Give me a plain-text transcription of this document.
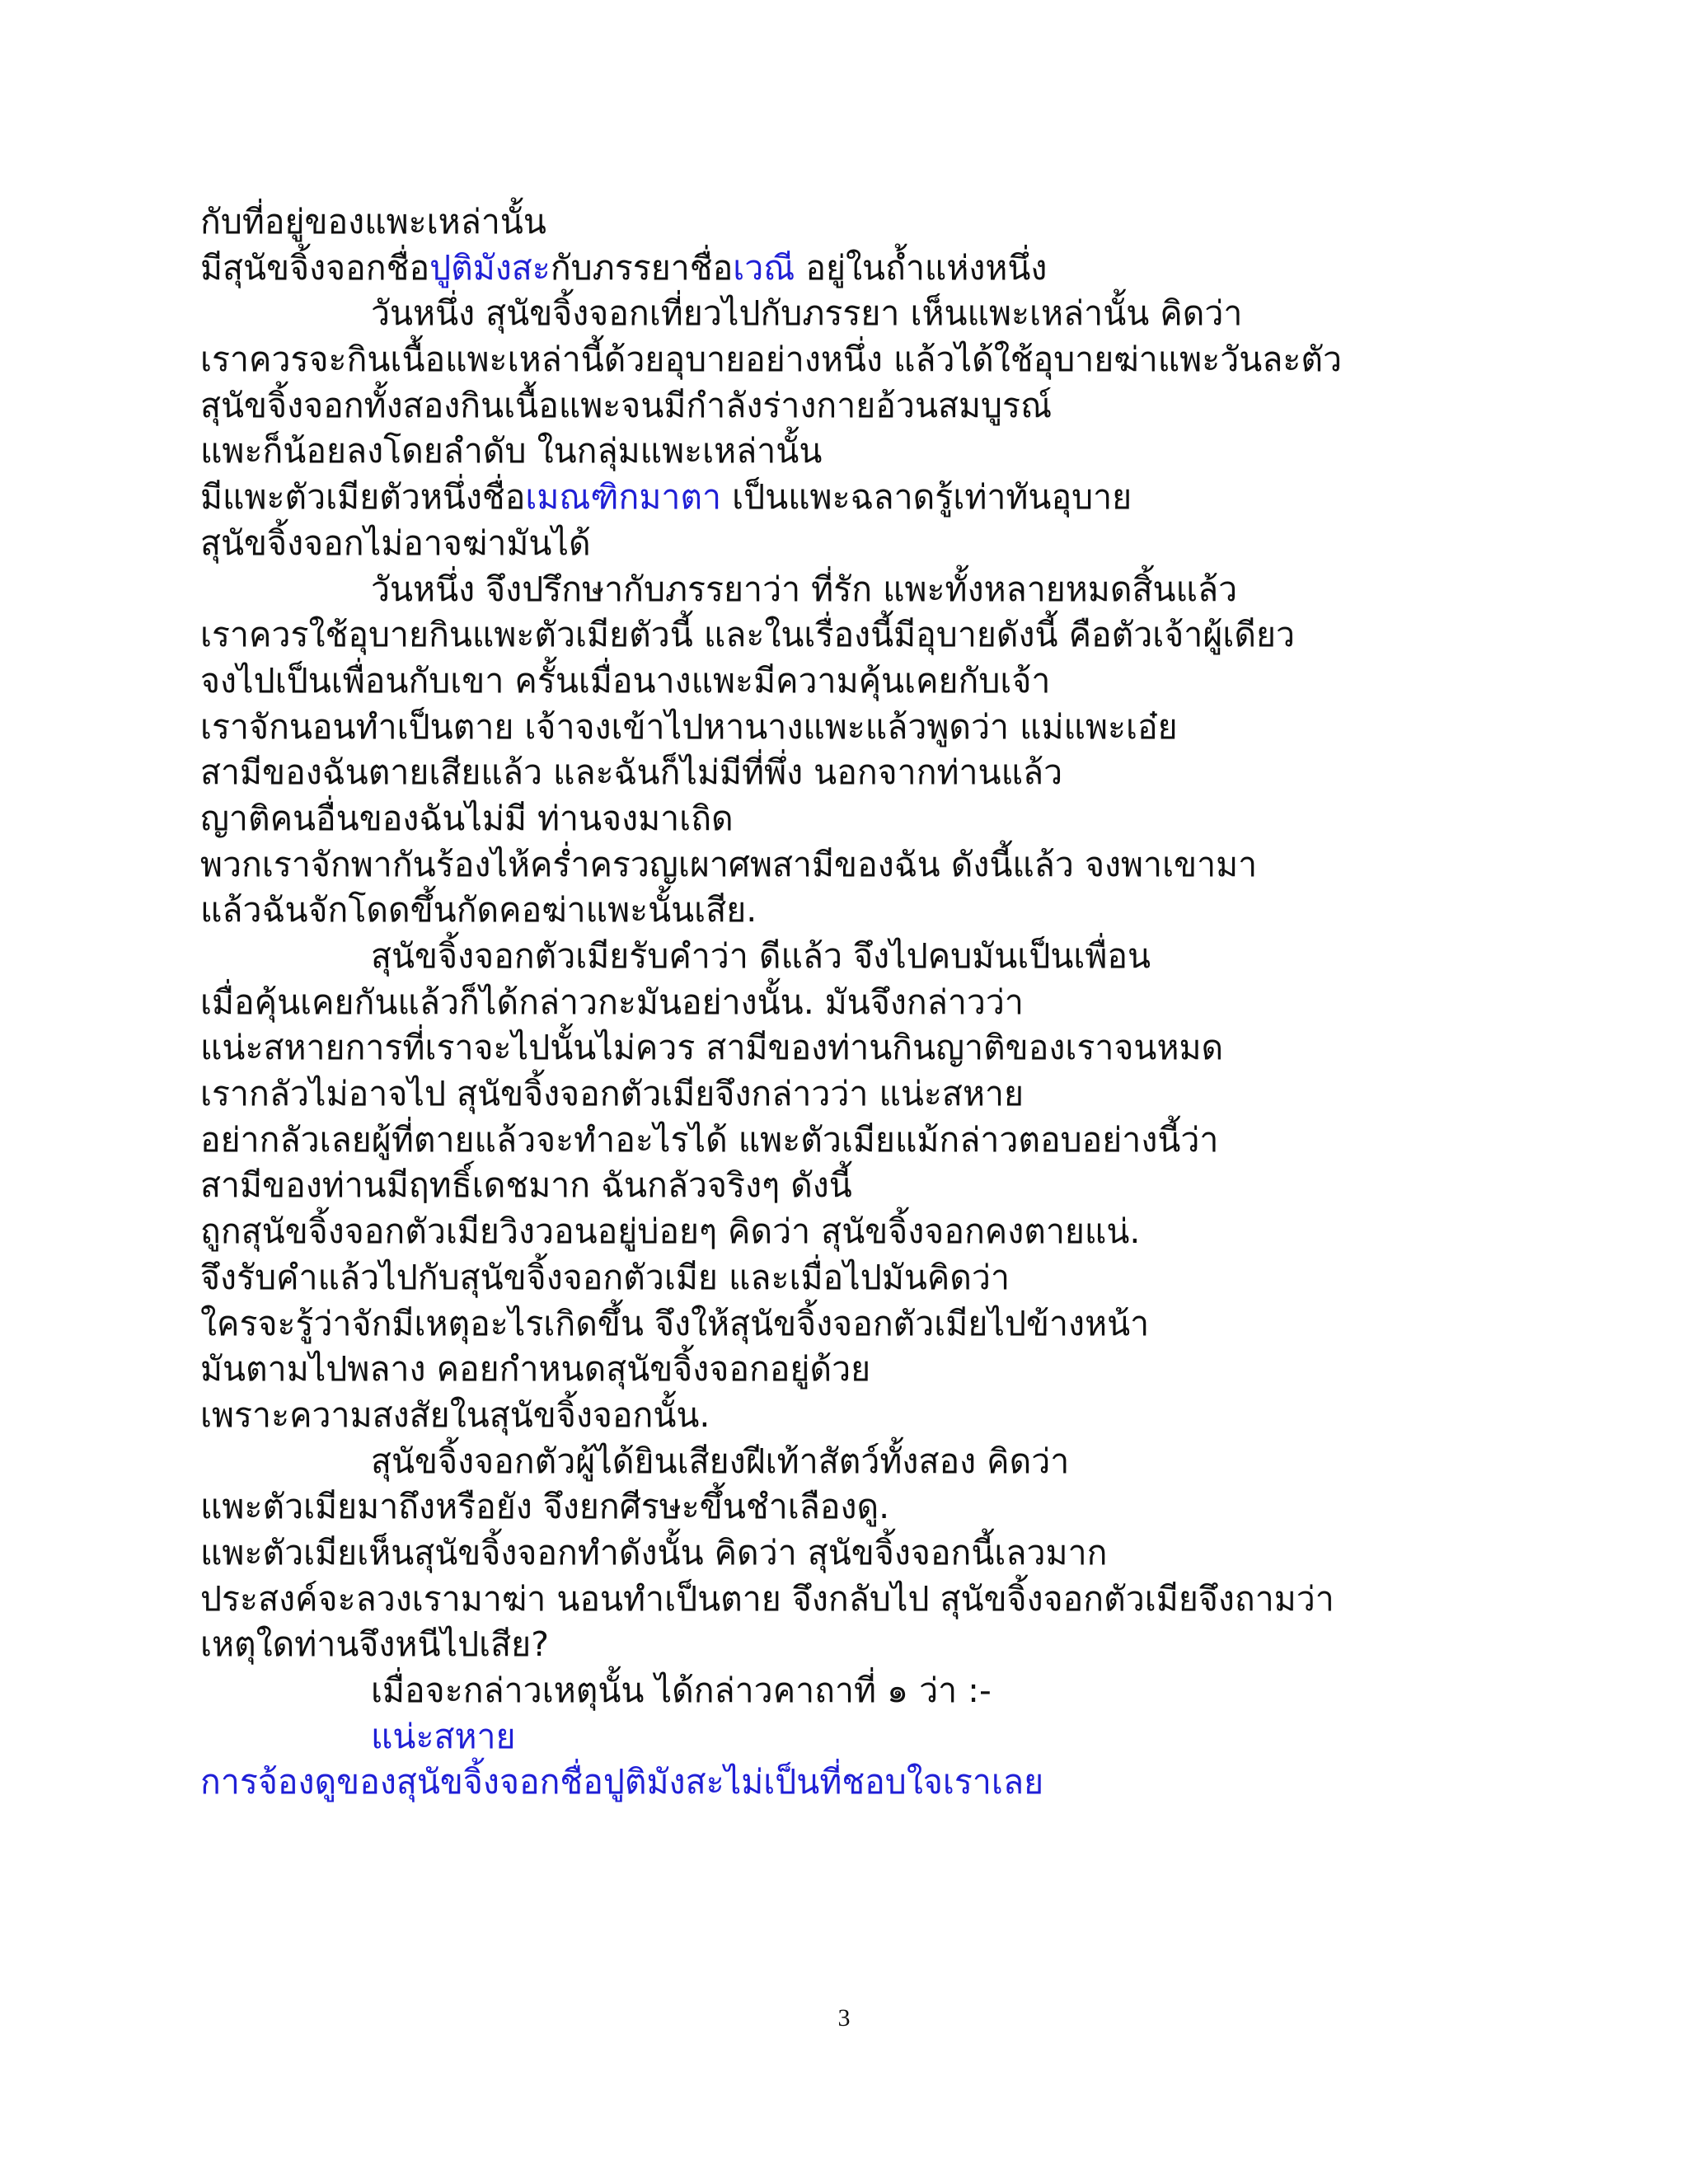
กับที่อยู่ของแพะเหล่านั้น
มีสุนัขจิ้งจอกชื่อปูติมังสะกับภรรยาชื่อเวณี อยู่ในถ้ำแห่งหนึ่ง
วันหนึ่ง สุนัขจิ้งจอกเที่ยวไปกับภรรยา เห็นแพะเหล่านั้น คิดว่า
เราควรจะกินเนื้อแพะเหล่านี้ด้วยอุบายอย่างหนึ่ง แล้วได้ใช้อุบายฆ่าแพะวันละตัว
สุนัขจิ้งจอกทั้งสองกินเนื้อแพะจนมีกำลังร่างกายอ้วนสมบูรณ์
แพะก็น้อยลงโดยลำดับ ในกลุ่มแพะเหล่านั้น
มีแพะตัวเมียตัวหนึ่งชื่อเมณฑิกมาตา เป็นแพะฉลาดรู้เท่าทันอุบาย
สุนัขจิ้งจอกไม่อาจฆ่ามันได้
วันหนึ่ง จึงปรึกษากับภรรยาว่า ที่รัก แพะทั้งหลายหมดสิ้นแล้ว
เราควรใช้อุบายกินแพะตัวเมียตัวนี้ และในเรื่องนี้มีอุบายดังนี้ คือตัวเจ้าผู้เดียว
จงไปเป็นเพื่อนกับเขา ครั้นเมื่อนางแพะมีความคุ้นเคยกับเจ้า
เราจักนอนทำเป็นตาย เจ้าจงเข้าไปหานางแพะแล้วพูดว่า แม่แพะเอ๋ย
สามีของฉันตายเสียแล้ว และฉันก็ไม่มีที่พึ่ง นอกจากท่านแล้ว
ญาติคนอื่นของฉันไม่มี ท่านจงมาเถิด
พวกเราจักพากันร้องไห้คร่ำครวญเผาศพสามีของฉัน ดังนี้แล้ว จงพาเขามา
แล้วฉันจักโดดขึ้นกัดคอฆ่าแพะนั้นเสีย.
สุนัขจิ้งจอกตัวเมียรับคำว่า ดีแล้ว จึงไปคบมันเป็นเพื่อน
เมื่อคุ้นเคยกันแล้วก็ได้กล่าวกะมันอย่างนั้น. มันจึงกล่าวว่า
แน่ะสหายการที่เราจะไปนั้นไม่ควร สามีของท่านกินญาติของเราจนหมด
เรากลัวไม่อาจไป สุนัขจิ้งจอกตัวเมียจึงกล่าวว่า แน่ะสหาย
อย่ากลัวเลยผู้ที่ตายแล้วจะทำอะไรได้ แพะตัวเมียแม้กล่าวตอบอย่างนี้ว่า
สามีของท่านมีฤทธิ์เดชมาก ฉันกลัวจริงๆ ดังนี้
ถูกสุนัขจิ้งจอกตัวเมียวิงวอนอยู่บ่อยๆ คิดว่า สุนัขจิ้งจอกคงตายแน่.
จึงรับคำแล้วไปกับสุนัขจิ้งจอกตัวเมีย และเมื่อไปมันคิดว่า
ใครจะรู้ว่าจักมีเหตุอะไรเกิดขึ้น จึงให้สุนัขจิ้งจอกตัวเมียไปข้างหน้า
มันตามไปพลาง คอยกำหนดสุนัขจิ้งจอกอยู่ด้วย
เพราะความสงสัยในสุนัขจิ้งจอกนั้น.
สุนัขจิ้งจอกตัวผู้ได้ยินเสียงฝีเท้าสัตว์ทั้งสอง คิดว่า
แพะตัวเมียมาถึงหรือยัง จึงยกศีรษะขึ้นชำเลืองดู.
แพะตัวเมียเห็นสุนัขจิ้งจอกทำดังนั้น คิดว่า สุนัขจิ้งจอกนี้เลวมาก
ประสงค์จะลวงเรามาฆ่า นอนทำเป็นตาย จึงกลับไป สุนัขจิ้งจอกตัวเมียจึงถามว่า
เหตุใดท่านจึงหนีไปเสีย?
เมื่อจะกล่าวเหตุนั้น ได้กล่าวคาถาที่ ๑ ว่า :-
แน่ะสหาย
การจ้องดูของสุนัขจิ้งจอกชื่อปูติมังสะไม่เป็นที่ชอบใจเราเลย
3
